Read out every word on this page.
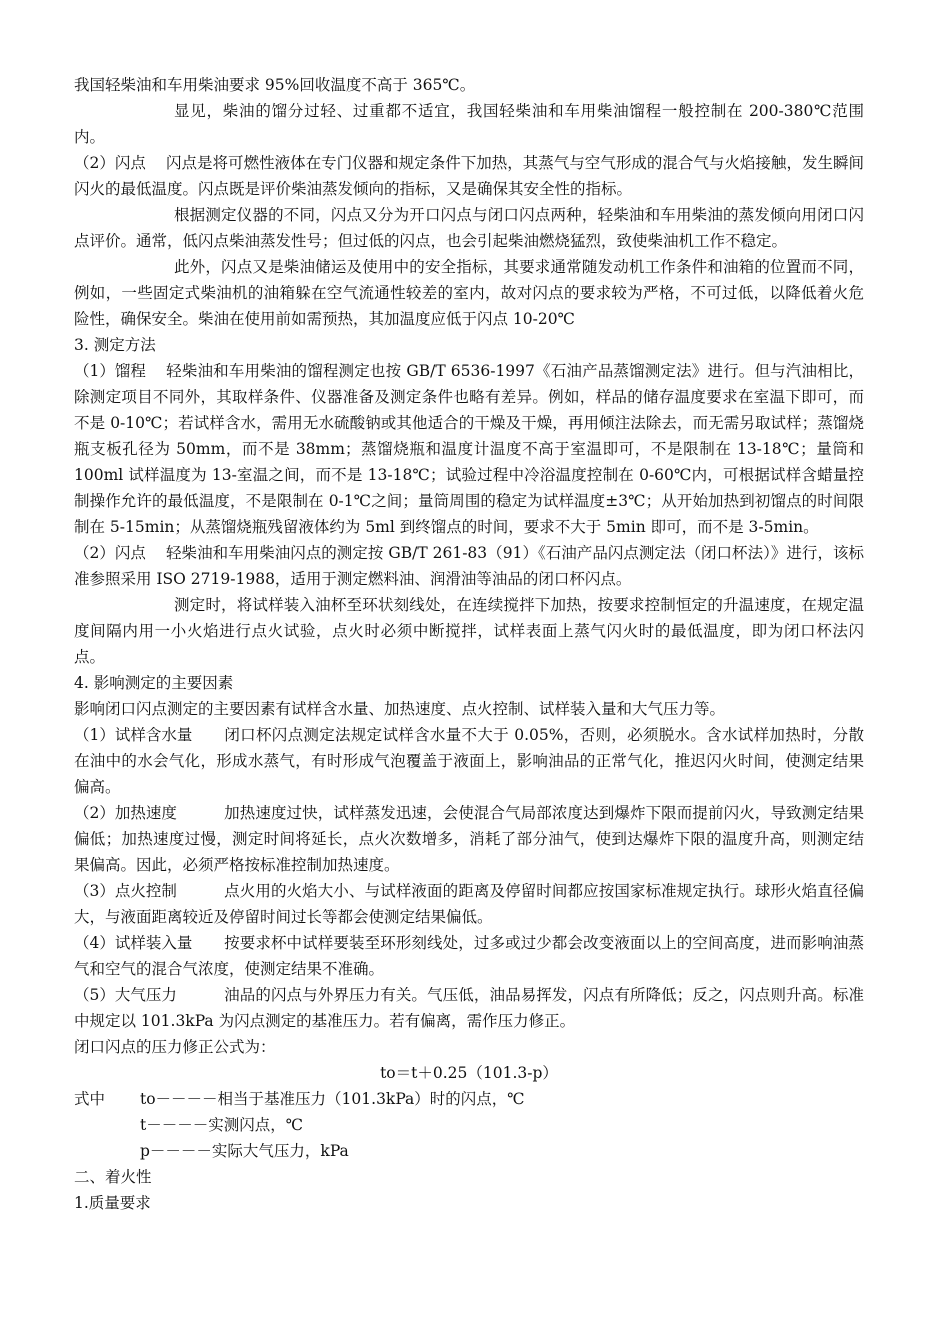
我国轻柴油和车用柴油要求 95%回收温度不高于 365℃。

显见，柴油的馏分过轻、过重都不适宜，我国轻柴油和车用柴油馏程一般控制在 200-380℃范围内。

（2）闪点 闪点是将可燃性液体在专门仪器和规定条件下加热，其蒸气与空气形成的混合气与火焰接触，发生瞬间闪火的最低温度。闪点既是评价柴油蒸发倾向的指标，又是确保其安全性的指标。

根据测定仪器的不同，闪点又分为开口闪点与闭口闪点两种，轻柴油和车用柴油的蒸发倾向用闭口闪点评价。通常，低闪点柴油蒸发性号；但过低的闪点，也会引起柴油燃烧猛烈，致使柴油机工作不稳定。

此外，闪点又是柴油储运及使用中的安全指标，其要求通常随发动机工作条件和油箱的位置而不同，例如，一些固定式柴油机的油箱躲在空气流通性较差的室内，故对闪点的要求较为严格，不可过低，以降低着火危险性，确保安全。柴油在使用前如需预热，其加温度应低于闪点 10-20℃

3. 测定方法

（1）馏程 轻柴油和车用柴油的馏程测定也按 GB/T 6536-1997《石油产品蒸馏测定法》进行。但与汽油相比，除测定项目不同外，其取样条件、仪器准备及测定条件也略有差异。例如，样品的储存温度要求在室温下即可，而不是 0-10℃；若试样含水，需用无水硫酸钠或其他适合的干燥及干燥，再用倾注法除去，而无需另取试样；蒸馏烧瓶支板孔径为 50mm，而不是 38mm；蒸馏烧瓶和温度计温度不高于室温即可，不是限制在 13-18℃；量筒和 100ml 试样温度为 13-室温之间，而不是 13-18℃；试验过程中冷浴温度控制在 0-60℃内，可根据试样含蜡量控制操作允许的最低温度，不是限制在 0-1℃之间；量筒周围的稳定为试样温度±3℃；从开始加热到初馏点的时间限制在 5-15min；从蒸馏烧瓶残留液体约为 5ml 到终馏点的时间，要求不大于 5min 即可，而不是 3-5min。

（2）闪点 轻柴油和车用柴油闪点的测定按 GB/T 261-83（91）《石油产品闪点测定法（闭口杯法）》进行，该标准参照采用 ISO 2719-1988，适用于测定燃料油、润滑油等油品的闭口杯闪点。

测定时，将试样装入油杯至环状刻线处，在连续搅拌下加热，按要求控制恒定的升温速度，在规定温度间隔内用一小火焰进行点火试验，点火时必须中断搅拌，试样表面上蒸气闪火时的最低温度，即为闭口杯法闪点。

4. 影响测定的主要因素

影响闭口闪点测定的主要因素有试样含水量、加热速度、点火控制、试样装入量和大气压力等。

（1）试样含水量 闭口杯闪点测定法规定试样含水量不大于 0.05%，否则，必须脱水。含水试样加热时，分散在油中的水会气化，形成水蒸气，有时形成气泡覆盖于液面上，影响油品的正常气化，推迟闪火时间，使测定结果偏高。

（2）加热速度	加热速度过快，试样蒸发迅速，会使混合气局部浓度达到爆炸下限而提前闪火，导致测定结果偏低；加热速度过慢，测定时间将延长，点火次数增多，消耗了部分油气，使到达爆炸下限的温度升高，则测定结果偏高。因此，必须严格按标准控制加热速度。

（3）点火控制	点火用的火焰大小、与试样液面的距离及停留时间都应按国家标准规定执行。球形火焰直径偏大，与液面距离较近及停留时间过长等都会使测定结果偏低。

（4）试样装入量 按要求杯中试样要装至环形刻线处，过多或过少都会改变液面以上的空间高度，进而影响油蒸气和空气的混合气浓度，使测定结果不准确。

（5）大气压力	油品的闪点与外界压力有关。气压低，油品易挥发，闪点有所降低；反之，闪点则升高。标准中规定以 101.3kPa 为闪点测定的基准压力。若有偏离，需作压力修正。

闭口闪点的压力修正公式为：

to＝t＋0.25（101.3-p）

式中	to－－－－相当于基准压力（101.3kPa）时的闪点，℃
t－－－－实测闪点，℃
p－－－－实际大气压力，kPa

二、着火性

1.质量要求
